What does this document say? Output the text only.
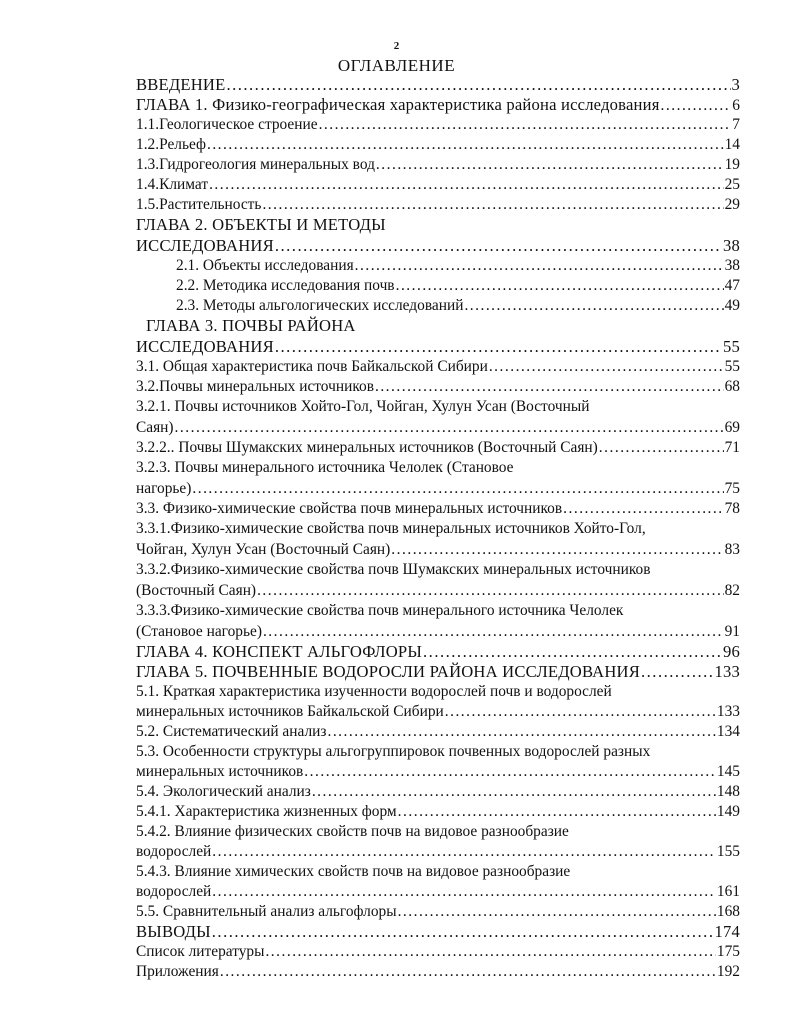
2
ОГЛАВЛЕНИЕ
ВВЕДЕНИЕ .....	3
ГЛАВА 1. Физико-географическая характеристика района исследования .....	6
1.1. Геологическое строение .....	7
1.2. Рельеф .....	14
1.3. Гидрогеология минеральных вод .....	19
1.4. Климат .....	25
1.5. Растительность .....	29
ГЛАВА 2. ОБЪЕКТЫ И МЕТОДЫ
ИССЛЕДОВАНИЯ .....	38
2.1. Объекты исследования .....	38
2.2. Методика исследования почв .....	47
2.3. Методы альгологических исследований .....	49
ГЛАВА 3. ПОЧВЫ РАЙОНА
ИССЛЕДОВАНИЯ .....	55
3.1. Общая характеристика почв Байкальской Сибири .....	55
3.2.Почвы минеральных источников .....	68
3.2.1. Почвы источников Хойто-Гол, Чойган, Хулун Усан (Восточный
Саян) .....	69
3.2.2.. Почвы Шумакских минеральных источников (Восточный Саян) .....	71
3.2.3. Почвы минерального источника Челолек (Становое
нагорье) .....	75
3.3. Физико-химические свойства почв минеральных источников .....	78
3.3.1.Физико-химические свойства почв минеральных источников Хойто-Гол,
Чойган, Хулун Усан (Восточный Саян) .....	83
3.3.2.Физико-химические свойства почв Шумакских минеральных источников
(Восточный Саян) .....	82
3.3.3.Физико-химические свойства почв минерального источника Челолек
(Становое нагорье) .....	91
ГЛАВА 4. КОНСПЕКТ АЛЬГОФЛОРЫ .....	96
ГЛАВА 5. ПОЧВЕННЫЕ ВОДОРОСЛИ РАЙОНА ИССЛЕДОВАНИЯ .....	133
5.1. Краткая характеристика изученности водорослей почв и водорослей
минеральных источников Байкальской Сибири .....	133
5.2. Систематический анализ .....	134
5.3. Особенности структуры альгогруппировок почвенных водорослей разных
минеральных источников .....	145
5.4. Экологический анализ .....	148
5.4.1. Характеристика жизненных форм .....	149
5.4.2. Влияние физических свойств почв на видовое разнообразие
водорослей .....	155
5.4.3. Влияние химических свойств почв на видовое разнообразие
водорослей .....	161
5.5. Сравнительный анализ альгофлоры .....	168
ВЫВОДЫ .....	174
Список литературы .....	175
Приложения .....	192
